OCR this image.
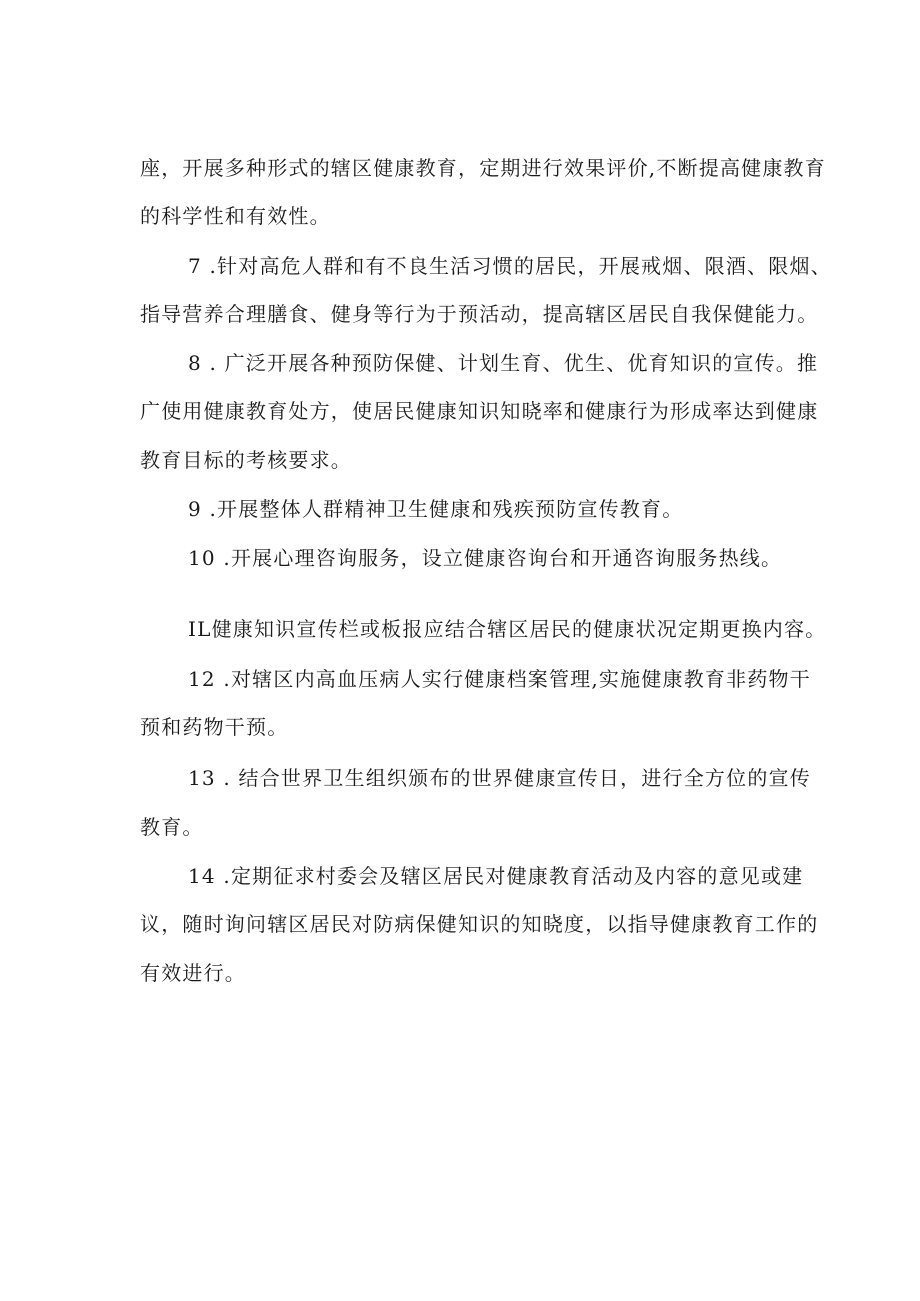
座，开展多种形式的辖区健康教育，定期进行效果评价,不断提高健康教育
的科学性和有效性。
7 .针对高危人群和有不良生活习惯的居民，开展戒烟、限酒、限烟、
指导营养合理膳食、健身等行为于预活动，提高辖区居民自我保健能力。
8 . 广泛开展各种预防保健、计划生育、优生、优育知识的宣传。推
广使用健康教育处方，使居民健康知识知晓率和健康行为形成率达到健康
教育目标的考核要求。
9 .开展整体人群精神卫生健康和残疾预防宣传教育。
10 .开展心理咨询服务，设立健康咨询台和开通咨询服务热线。
IL健康知识宣传栏或板报应结合辖区居民的健康状况定期更换内容。
12 .对辖区内高血压病人实行健康档案管理,实施健康教育非药物干
预和药物干预。
13 . 结合世界卫生组织颁布的世界健康宣传日，进行全方位的宣传
教育。
14 .定期征求村委会及辖区居民对健康教育活动及内容的意见或建
议，随时询问辖区居民对防病保健知识的知晓度，以指导健康教育工作的
有效进行。
